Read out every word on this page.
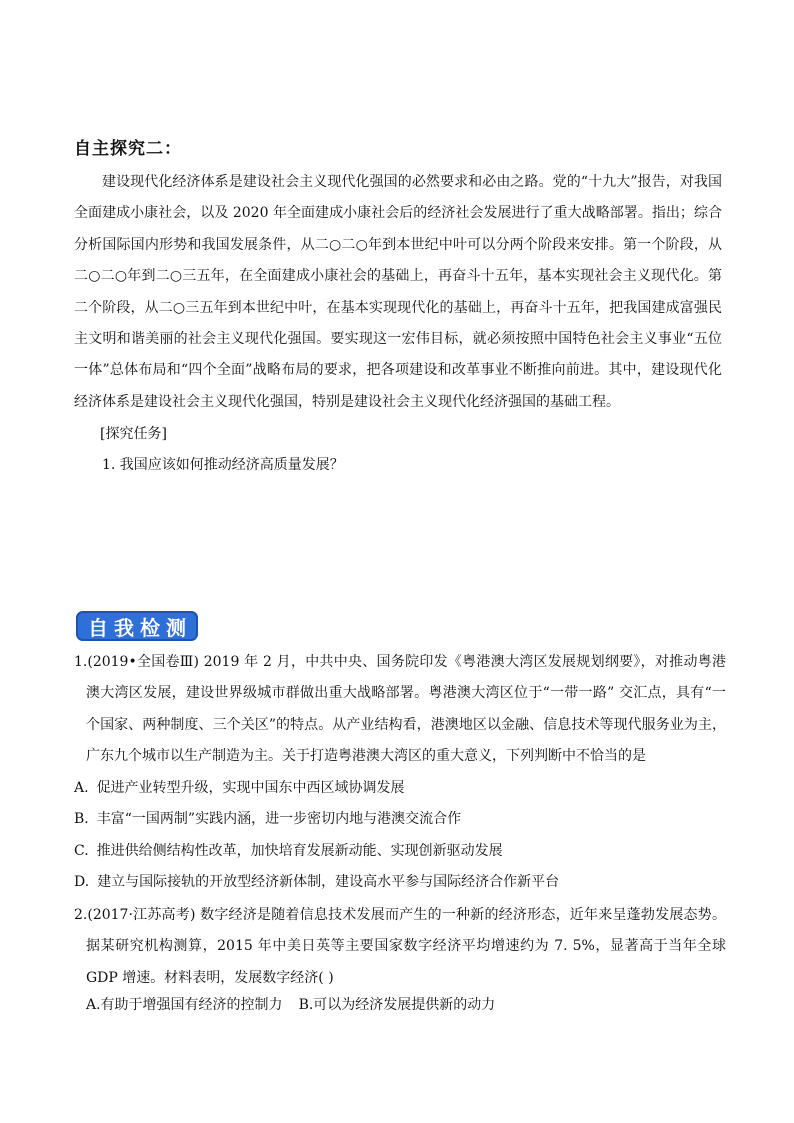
自主探究二：
建设现代化经济体系是建设社会主义现代化强国的必然要求和必由之路。党的“十九大”报告，对我国全面建成小康社会，以及 2020 年全面建成小康社会后的经济社会发展进行了重大战略部署。指出；综合分析国际国内形势和我国发展条件，从二○二○年到本世纪中叶可以分两个阶段来安排。第一个阶段，从二○二○年到二○三五年，在全面建成小康社会的基础上，再奋斗十五年，基本实现社会主义现代化。第二个阶段，从二○三五年到本世纪中叶，在基本实现现代化的基础上，再奋斗十五年，把我国建成富强民主文明和谐美丽的社会主义现代化强国。要实现这一宏伟目标，就必须按照中国特色社会主义事业“五位一体”总体布局和“四个全面”战略布局的要求，把各项建设和改革事业不断推向前进。其中，建设现代化经济体系是建设社会主义现代化强国，特别是建设社会主义现代化经济强国的基础工程。
[探究任务]
1. 我国应该如何推动经济高质量发展？
自我检测
1.(2019•全国卷Ⅲ) 2019 年 2 月，中共中央、国务院印发《粤港澳大湾区发展规划纲要》，对推动粤港澳大湾区发展，建设世界级城市群做出重大战略部署。粤港澳大湾区位于“一带一路” 交汇点，具有“一个国家、两种制度、三个关区”的特点。从产业结构看，港澳地区以金融、信息技术等现代服务业为主，广东九个城市以生产制造为主。关于打造粤港澳大湾区的重大意义，下列判断中不恰当的是
A. 促进产业转型升级，实现中国东中西区域协调发展
B. 丰富“一国两制”实践内涵，进一步密切内地与港澳交流合作
C. 推进供给侧结构性改革，加快培育发展新动能、实现创新驱动发展
D. 建立与国际接轨的开放型经济新体制，建设高水平参与国际经济合作新平台
2.(2017·江苏高考) 数字经济是随着信息技术发展而产生的一种新的经济形态，近年来呈蓬勃发展态势。据某研究机构测算，2015 年中美日英等主要国家数字经济平均增速约为 7. 5%，显著高于当年全球 GDP 增速。材料表明，发展数字经济( )
A.有助于增强国有经济的控制力 B.可以为经济发展提供新的动力
